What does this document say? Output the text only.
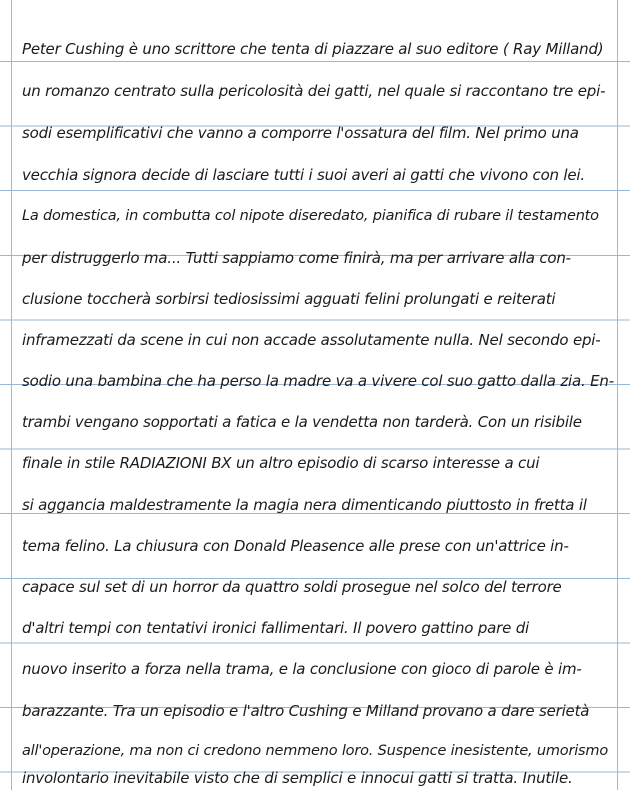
Peter Cushing è uno scrittore che tenta di piazzare al suo editore ( Ray Milland)
un romanzo centrato sulla pericolosità dei gatti, nel quale si raccontano tre epi-
sodi esemplificativi che vanno a comporre l'ossatura del film. Nel primo una
vecchia signora decide di lasciare tutti i suoi averi ai gatti che vivono con lei.
La domestica, in combutta col nipote diseredato, pianifica di rubare il testamento
per distruggerlo ma... Tutti sappiamo come finirà, ma per arrivare alla con-
clusione toccherà sorbirsi tediosissimi agguati felini prolungati e reiterati
inframezzati da scene in cui non accade assolutamente nulla. Nel secondo epi-
sodio una bambina che ha perso la madre va a vivere col suo gatto dalla zia. En-
trambi vengano sopportati a fatica e la vendetta non tarderà. Con un risibile
finale in stile RADIAZIONI BX un altro episodio di scarso interesse a cui
si aggancia maldestramente la magia nera dimenticando piuttosto in fretta il
tema felino. La chiusura con Donald Pleasence alle prese con un'attrice in-
capace sul set di un horror da quattro soldi prosegue nel solco del terrore
d'altri tempi con tentativi ironici fallimentari. Il povero gattino pare di
nuovo inserito a forza nella trama, e la conclusione con gioco di parole è im-
barazzante. Tra un episodio e l'altro Cushing e Milland provano a dare serietà
all'operazione, ma non ci credono nemmeno loro. Suspence inesistente, umorismo
involontario inevitabile visto che di semplici e innocui gatti si tratta. Inutile.
